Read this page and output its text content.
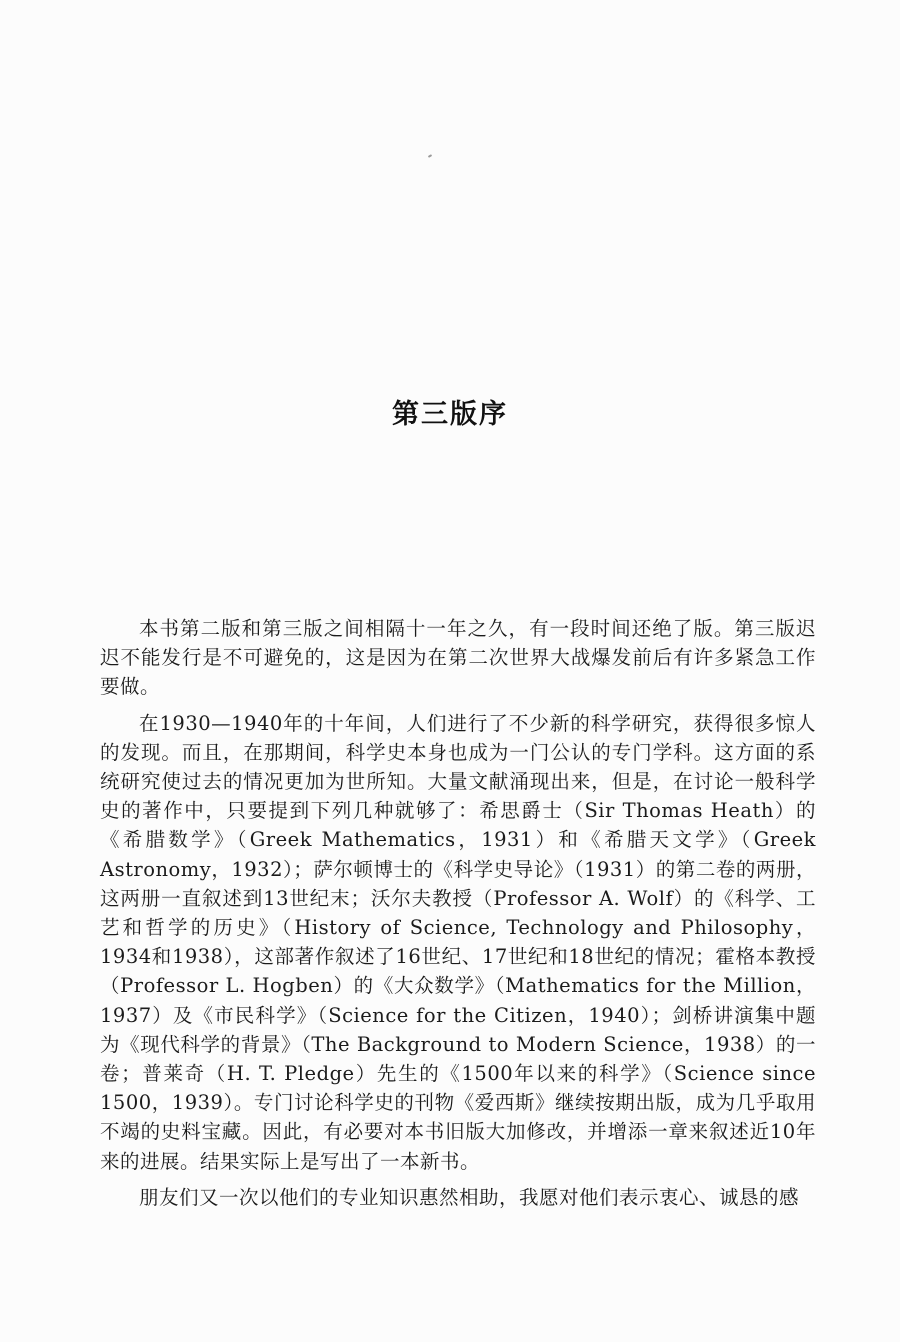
第三版序

本书第二版和第三版之间相隔十一年之久，有一段时间还绝了版。第三版迟迟不能发行是不可避免的，这是因为在第二次世界大战爆发前后有许多紧急工作要做。

在1930—1940年的十年间，人们进行了不少新的科学研究，获得很多惊人的发现。而且，在那期间，科学史本身也成为一门公认的专门学科。这方面的系统研究使过去的情况更加为世所知。大量文献涌现出来，但是，在讨论一般科学史的著作中，只要提到下列几种就够了：希思爵士（Sir Thomas Heath）的《希腊数学》（Greek Mathematics，1931）和《希腊天文学》（Greek Astronomy，1932）；萨尔顿博士的《科学史导论》（1931）的第二卷的两册，这两册一直叙述到13世纪末；沃尔夫教授（Professor A. Wolf）的《科学、工艺和哲学的历史》（History of Science, Technology and Philosophy，1934和1938），这部著作叙述了16世纪、17世纪和18世纪的情况；霍格本教授（Professor L. Hogben）的《大众数学》（Mathematics for the Million，1937）及《市民科学》（Science for the Citizen，1940）；剑桥讲演集中题为《现代科学的背景》（The Background to Modern Science，1938）的一卷；普莱奇（H. T. Pledge）先生的《1500年以来的科学》（Science since 1500，1939）。专门讨论科学史的刊物《爱西斯》继续按期出版，成为几乎取用不竭的史料宝藏。因此，有必要对本书旧版大加修改，并增添一章来叙述近10年来的进展。结果实际上是写出了一本新书。

朋友们又一次以他们的专业知识惠然相助，我愿对他们表示衷心、诚恳的感
